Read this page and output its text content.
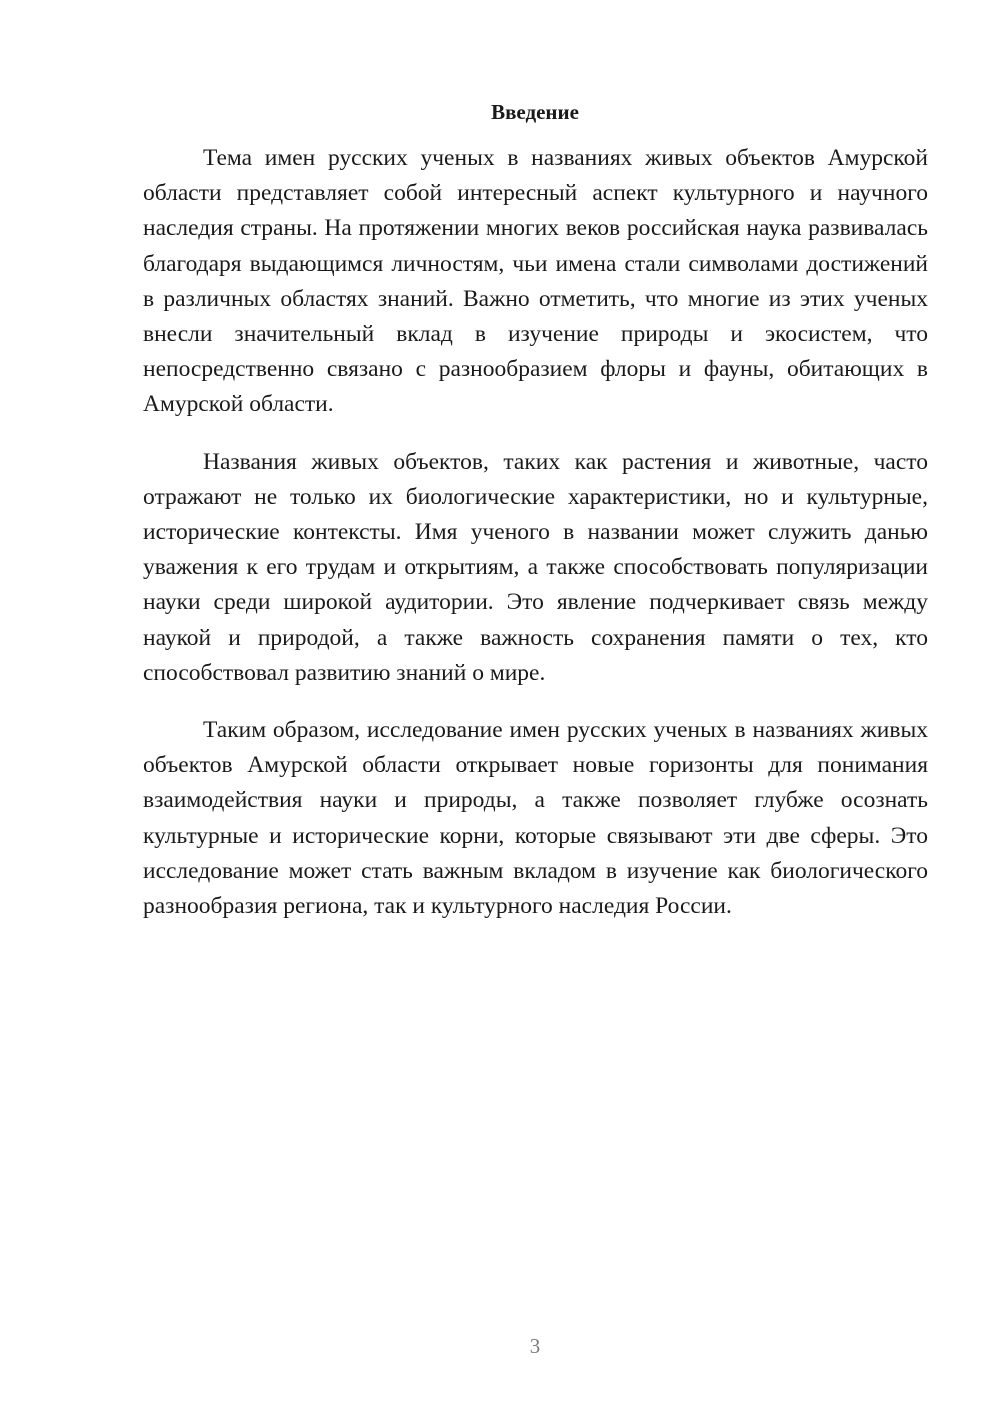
Введение

Тема имен русских ученых в названиях живых объектов Амурской области представляет собой интересный аспект культурного и научного наследия страны. На протяжении многих веков российская наука развивалась благодаря выдающимся личностям, чьи имена стали символами достижений в различных областях знаний. Важно отметить, что многие из этих ученых внесли значительный вклад в изучение природы и экосистем, что непосредственно связано с разнообразием флоры и фауны, обитающих в Амурской области.

Названия живых объектов, таких как растения и животные, часто отражают не только их биологические характеристики, но и культурные, исторические контексты. Имя ученого в названии может служить данью уважения к его трудам и открытиям, а также способствовать популяризации науки среди широкой аудитории. Это явление подчеркивает связь между наукой и природой, а также важность сохранения памяти о тех, кто способствовал развитию знаний о мире.

Таким образом, исследование имен русских ученых в названиях живых объектов Амурской области открывает новые горизонты для понимания взаимодействия науки и природы, а также позволяет глубже осознать культурные и исторические корни, которые связывают эти две сферы. Это исследование может стать важным вкладом в изучение как биологического разнообразия региона, так и культурного наследия России.

3
